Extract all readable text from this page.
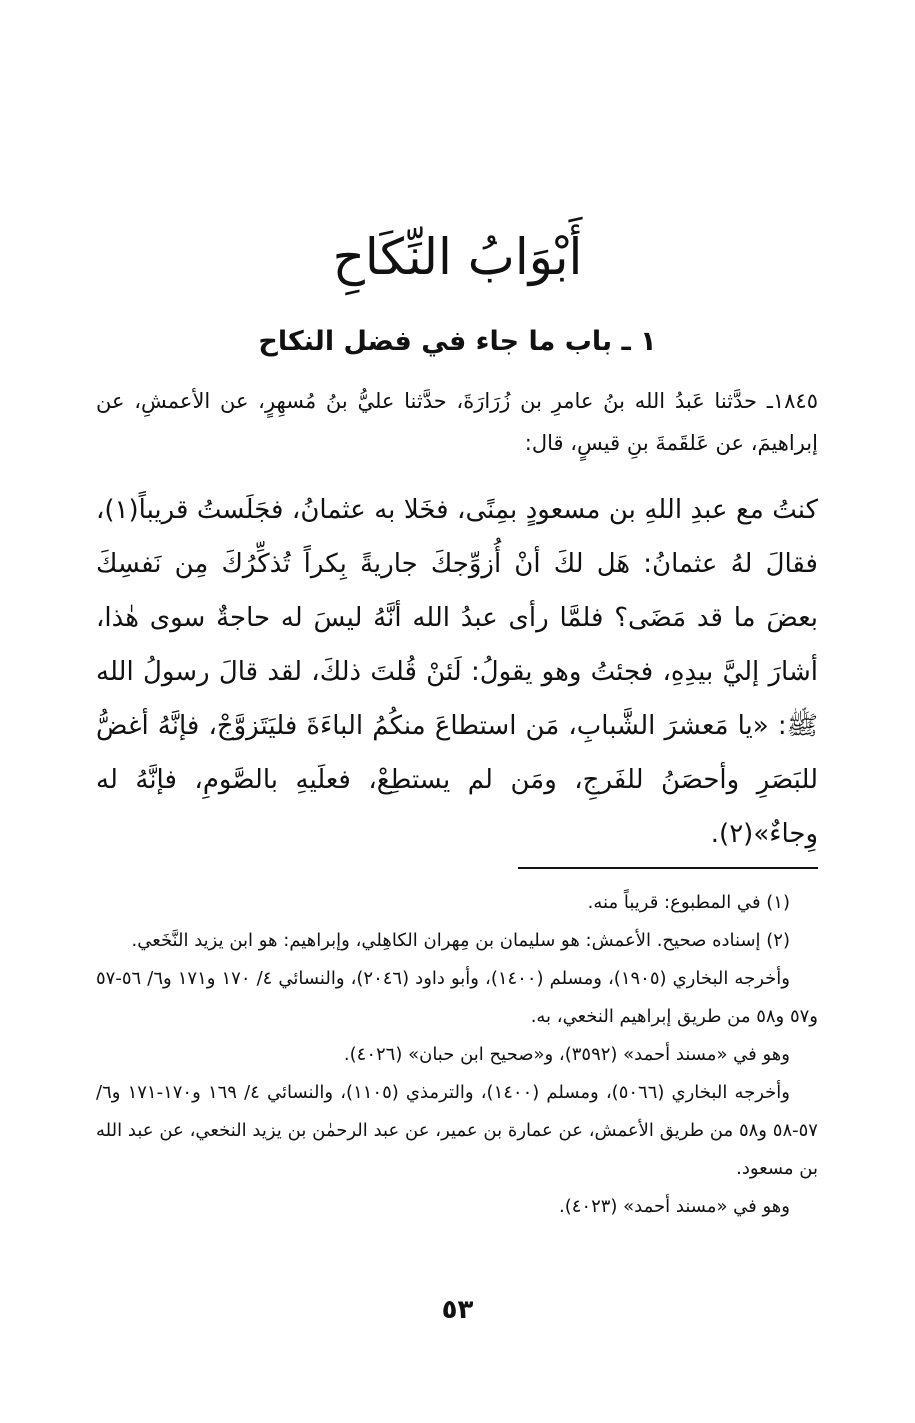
أَبْوَابُ النِّكَاحِ
١ ـ باب ما جاء في فضل النكاح

١٨٤٥ـ حدَّثنا عَبدُ الله بنُ عامرِ بن زُرَارَةَ، حدَّثنا عليُّ بنُ مُسهِرٍ، عن الأعمشِ، عن إبراهيمَ، عن عَلقَمةَ بنِ قيسٍ، قال:

كنتُ مع عبدِ اللهِ بن مسعودٍ بمِنًى، فخَلا به عثمانُ، فجَلَستُ قريباً(١)، فقالَ لهُ عثمانُ: هَل لكَ أنْ أُزوِّجكَ جاريةً بِكراً تُذكِّرُكَ مِن نَفسِكَ بعضَ ما قد مَضَى؟ فلمَّا رأى عبدُ الله أنَّهُ ليسَ له حاجةٌ سوى هٰذا، أشارَ إليَّ بيدِهِ، فجئتُ وهو يقولُ: لَئنْ قُلتَ ذلكَ، لقد قالَ رسولُ الله ﷺ: «يا مَعشرَ الشَّبابِ، مَن استطاعَ منكُمُ الباءَةَ فليَتَزوَّجْ، فإنَّهُ أغضُّ للبَصَرِ وأحصَنُ للفَرجِ، ومَن لم يستطِعْ، فعلَيهِ بالصَّومِ، فإنَّهُ له وِجاءٌ»(٢).

(١) في المطبوع: قريباً منه.

(٢) إسناده صحيح. الأعمش: هو سليمان بن مِهران الكاهِلي، وإبراهيم: هو ابن يزيد النَّخَعي.

وأخرجه البخاري (١٩٠٥)، ومسلم (١٤٠٠)، وأبو داود (٢٠٤٦)، والنسائي ٤/ ١٧٠ و١٧١ و٦/ ٥٦-٥٧ و٥٧ و٥٨ من طريق إبراهيم النخعي، به.

وهو في «مسند أحمد» (٣٥٩٢)، و«صحيح ابن حبان» (٤٠٢٦).

وأخرجه البخاري (٥٠٦٦)، ومسلم (١٤٠٠)، والترمذي (١١٠٥)، والنسائي ٤/ ١٦٩ و١٧٠-١٧١ و٦/ ٥٧-٥٨ و٥٨ من طريق الأعمش، عن عمارة بن عمير، عن عبد الرحمٰن بن يزيد النخعي، عن عبد الله بن مسعود.

وهو في «مسند أحمد» (٤٠٢٣).

٥٣
